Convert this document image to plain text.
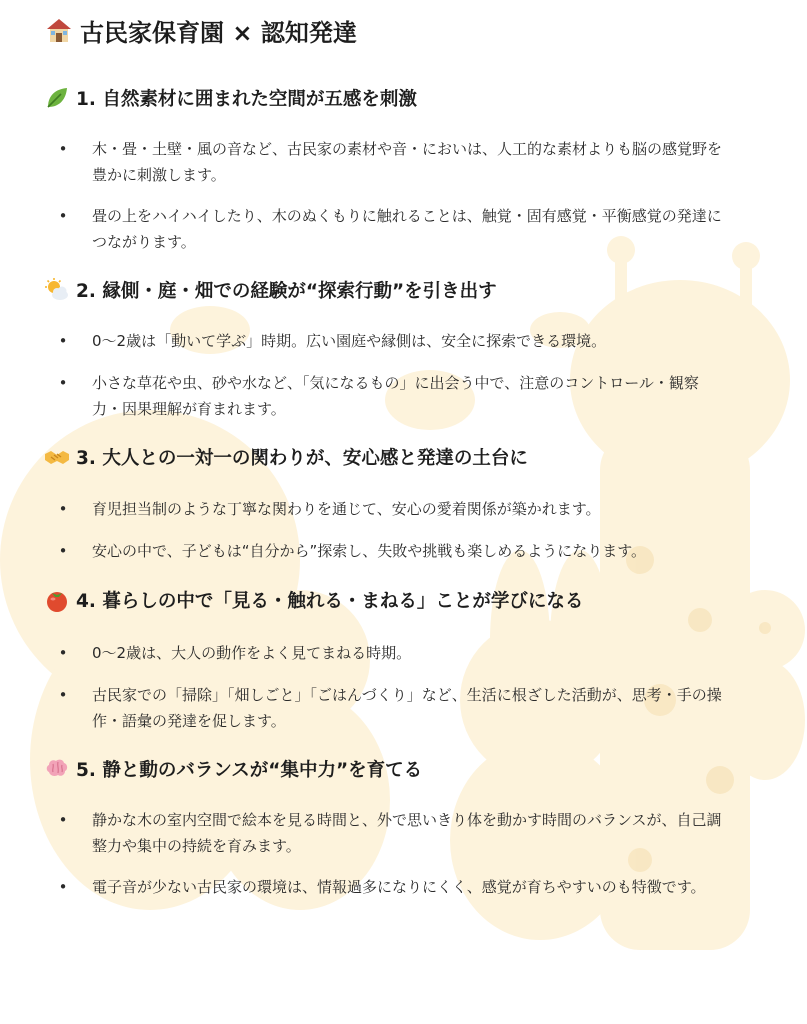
古民家保育園 × 認知発達
1. 自然素材に囲まれた空間が五感を刺激
• 木・畳・土壁・風の音など、古民家の素材や音・においは、人工的な素材よりも脳の感覚野を豊かに刺激します。
• 畳の上をハイハイしたり、木のぬくもりに触れることは、触覚・固有感覚・平衡感覚の発達につながります。
2. 縁側・庭・畑での経験が“探索行動”を引き出す
• 0〜2歳は「動いて学ぶ」時期。広い園庭や縁側は、安全に探索できる環境。
• 小さな草花や虫、砂や水など、「気になるもの」に出会う中で、注意のコントロール・観察力・因果理解が育まれます。
3. 大人との一対一の関わりが、安心感と発達の土台に
• 育児担当制のような丁寧な関わりを通じて、安心の愛着関係が築かれます。
• 安心の中で、子どもは“自分から”探索し、失敗や挑戦も楽しめるようになります。
4. 暮らしの中で「見る・触れる・まねる」ことが学びになる
• 0〜2歳は、大人の動作をよく見てまねる時期。
• 古民家での「掃除」「畑しごと」「ごはんづくり」など、生活に根ざした活動が、思考・手の操作・語彙の発達を促します。
5. 静と動のバランスが“集中力”を育てる
• 静かな木の室内空間で絵本を見る時間と、外で思いきり体を動かす時間のバランスが、自己調整力や集中の持続を育みます。
• 電子音が少ない古民家の環境は、情報過多になりにくく、感覚が育ちやすいのも特徴です。
